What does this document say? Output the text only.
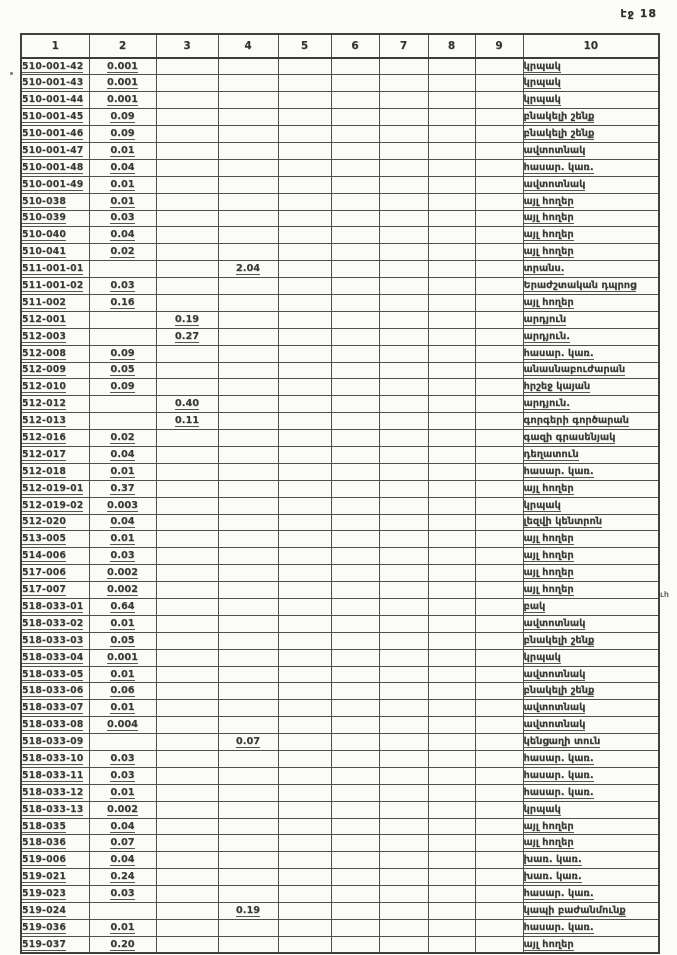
էջ 18
1	2	3	4	5	6	7	8	9	10
510-001-42	0.001								կրպակ
510-001-43	0.001								կրպակ
510-001-44	0.001								կրպակ
510-001-45	0.09								բնակելի շենք
510-001-46	0.09								բնակելի շենք
510-001-47	0.01								ավտոտնակ
510-001-48	0.04								հասար. կառ.
510-001-49	0.01								ավտոտնակ
510-038	0.01								այլ հողեր
510-039	0.03								այլ հողեր
510-040	0.04								այլ հողեր
510-041	0.02								այլ հողեր
511-001-01			2.04						տրանս.
511-001-02	0.03								Երաժշտական դպրոց
511-002	0.16								այլ հողեր
512-001		0.19							արդյուն
512-003		0.27							արդյուն.
512-008	0.09								հասար. կառ.
512-009	0.05								անասնաբուժարան
512-010	0.09								հրշեջ կայան
512-012		0.40							արդյուն.
512-013		0.11							գորգերի գործարան
512-016	0.02								գազի գրասենյակ
512-017	0.04								դեղատուն
512-018	0.01								հասար. կառ.
512-019-01	0.37								այլ հողեր
512-019-02	0.003								կրպակ
512-020	0.04								լեզվի կենտրոն
513-005	0.01								այլ հողեր
514-006	0.03								այլ հողեր
517-006	0.002								այլ հողեր
517-007	0.002								այլ հողեր
518-033-01	0.64								բակ
518-033-02	0.01								ավտոտնակ
518-033-03	0.05								բնակելի շենք
518-033-04	0.001								կրպակ
518-033-05	0.01								ավտոտնակ
518-033-06	0.06								բնակելի շենք
518-033-07	0.01								ավտոտնակ
518-033-08	0.004								ավտոտնակ
518-033-09			0.07						կենցաղի տուն
518-033-10	0.03								հասար. կառ.
518-033-11	0.03								հասար. կառ.
518-033-12	0.01								հասար. կառ.
518-033-13	0.002								կրպակ
518-035	0.04								այլ հողեր
518-036	0.07								այլ հողեր
519-006	0.04								խառ. կառ.
519-021	0.24								խառ. կառ.
519-023	0.03								հասար. կառ.
519-024			0.19						կապի բաժանմունք
519-036	0.01								հասար. կառ.
519-037	0.20								այլ հողեր
ւհ
